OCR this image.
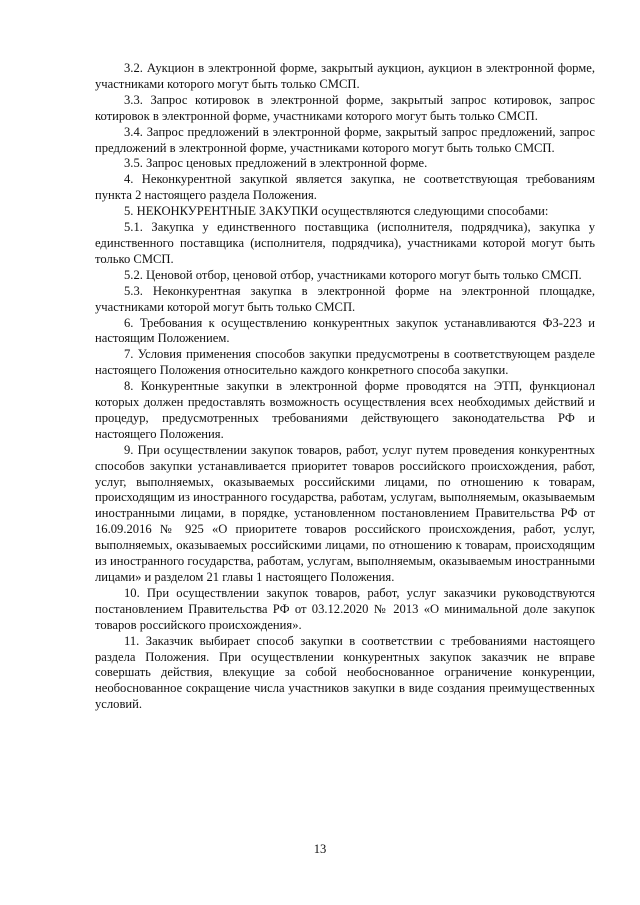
3.2. Аукцион в электронной форме, закрытый аукцион, аукцион в электронной форме, участниками которого могут быть только СМСП.

3.3. Запрос котировок в электронной форме, закрытый запрос котировок, запрос котировок в электронной форме, участниками которого могут быть только СМСП.

3.4. Запрос предложений в электронной форме, закрытый запрос предложений, запрос предложений в электронной форме, участниками которого могут быть только СМСП.

3.5. Запрос ценовых предложений в электронной форме.

4. Неконкурентной закупкой является закупка, не соответствующая требованиям пункта 2 настоящего раздела Положения.

5. НЕКОНКУРЕНТНЫЕ ЗАКУПКИ осуществляются следующими способами:

5.1. Закупка у единственного поставщика (исполнителя, подрядчика), закупка у единственного поставщика (исполнителя, подрядчика), участниками которой могут быть только СМСП.

5.2. Ценовой отбор, ценовой отбор, участниками которого могут быть только СМСП.

5.3. Неконкурентная закупка в электронной форме на электронной площадке, участниками которой могут быть только СМСП.

6. Требования к осуществлению конкурентных закупок устанавливаются ФЗ-223 и настоящим Положением.

7. Условия применения способов закупки предусмотрены в соответствующем разделе настоящего Положения относительно каждого конкретного способа закупки.

8. Конкурентные закупки в электронной форме проводятся на ЭТП, функционал которых должен предоставлять возможность осуществления всех необходимых действий и процедур, предусмотренных требованиями действующего законодательства РФ и настоящего Положения.

9. При осуществлении закупок товаров, работ, услуг путем проведения конкурентных способов закупки устанавливается приоритет товаров российского происхождения, работ, услуг, выполняемых, оказываемых российскими лицами, по отношению к товарам, происходящим из иностранного государства, работам, услугам, выполняемым, оказываемым иностранными лицами, в порядке, установленном постановлением Правительства РФ от 16.09.2016 № 925 «О приоритете товаров российского происхождения, работ, услуг, выполняемых, оказываемых российскими лицами, по отношению к товарам, происходящим из иностранного государства, работам, услугам, выполняемым, оказываемым иностранными лицами» и разделом 21 главы 1 настоящего Положения.

10. При осуществлении закупок товаров, работ, услуг заказчики руководствуются постановлением Правительства РФ от 03.12.2020 № 2013 «О минимальной доле закупок товаров российского происхождения».

11. Заказчик выбирает способ закупки в соответствии с требованиями настоящего раздела Положения. При осуществлении конкурентных закупок заказчик не вправе совершать действия, влекущие за собой необоснованное ограничение конкуренции, необоснованное сокращение числа участников закупки в виде создания преимущественных условий.

13
